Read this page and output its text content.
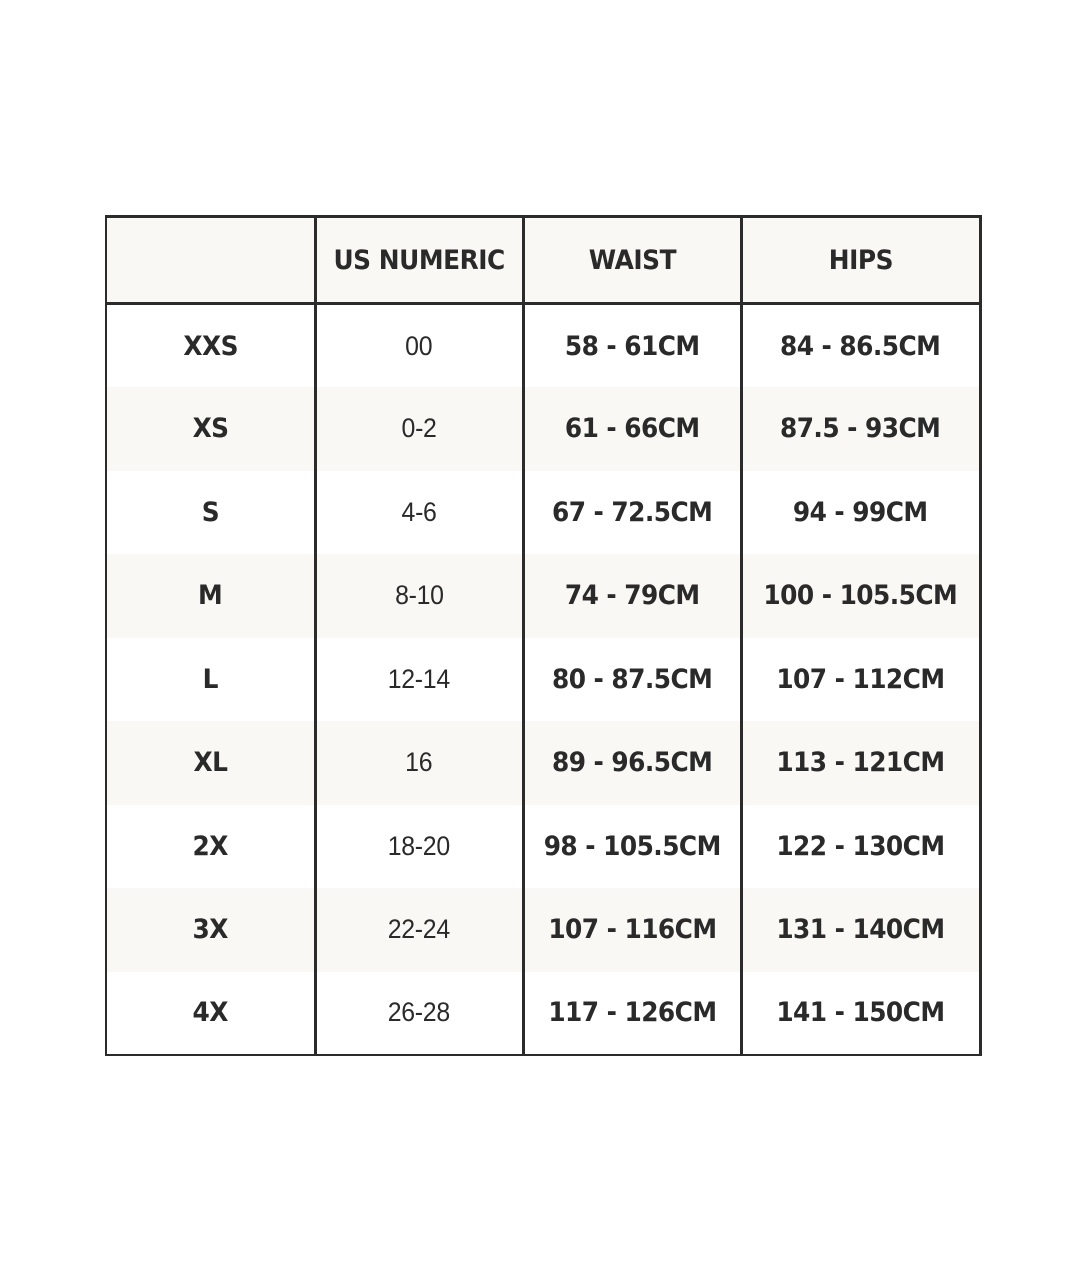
	US NUMERIC	WAIST	HIPS
XXS	00	58 - 61CM	84 - 86.5CM
XS	0-2	61 - 66CM	87.5 - 93CM
S	4-6	67 - 72.5CM	94 - 99CM
M	8-10	74 - 79CM	100 - 105.5CM
L	12-14	80 - 87.5CM	107 - 112CM
XL	16	89 - 96.5CM	113 - 121CM
2X	18-20	98 - 105.5CM	122 - 130CM
3X	22-24	107 - 116CM	131 - 140CM
4X	26-28	117 - 126CM	141 - 150CM
